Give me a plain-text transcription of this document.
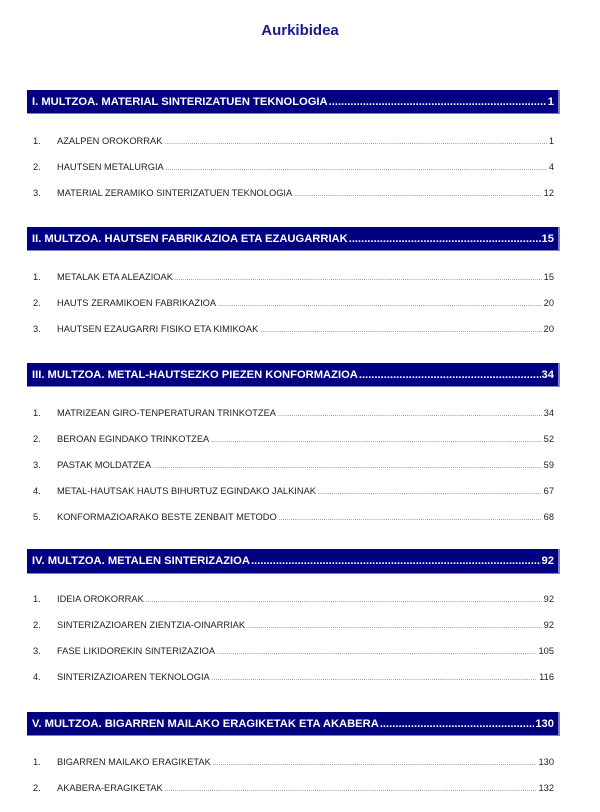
Aurkibidea
I. MULTZOA. MATERIAL SINTERIZATUEN TEKNOLOGIA .....	1
1.	AZALPEN OROKORRAK .....	1
2.	HAUTSEN METALURGIA .....	4
3.	MATERIAL ZERAMIKO SINTERIZATUEN TEKNOLOGIA .....	12
II. MULTZOA. HAUTSEN FABRIKAZIOA ETA EZAUGARRIAK .....	15
1.	METALAK ETA ALEAZIOAK .....	15
2.	HAUTS ZERAMIKOEN FABRIKAZIOA .....	20
3.	HAUTSEN EZAUGARRI FISIKO ETA KIMIKOAK .....	20
III. MULTZOA. METAL-HAUTSEZKO PIEZEN KONFORMAZIOA .....	34
1.	MATRIZEAN GIRO-TENPERATURAN TRINKOTZEA .....	34
2.	BEROAN EGINDAKO TRINKOTZEA .....	52
3.	PASTAK MOLDATZEA .....	59
4.	METAL-HAUTSAK HAUTS BIHURTUZ EGINDAKO JALKINAK .....	67
5.	KONFORMAZIOARAKO BESTE ZENBAIT METODO .....	68
IV. MULTZOA. METALEN SINTERIZAZIOA .....	92
1.	IDEIA OROKORRAK .....	92
2.	SINTERIZAZIOAREN ZIENTZIA-OINARRIAK .....	92
3.	FASE LIKIDOREKIN SINTERIZAZIOA .....	105
4.	SINTERIZAZIOAREN TEKNOLOGIA .....	116
V. MULTZOA. BIGARREN MAILAKO ERAGIKETAK ETA AKABERA .....	130
1.	BIGARREN MAILAKO ERAGIKETAK .....	130
2.	AKABERA-ERAGIKETAK .....	132
